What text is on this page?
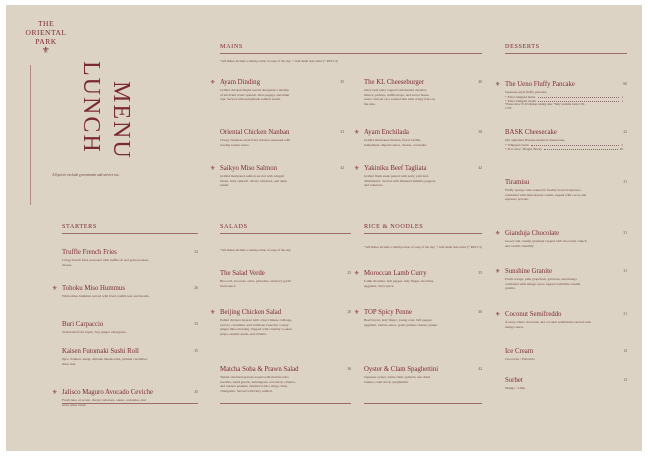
THE
ORIENTAL
PARK
⚜
LUNCH MENU
All prices exclude government and service tax.
MAINS
*All dishes include a small portion of soup of the day. + Add small side salad (+ RM 2.3)
DESSERTS
STARTERS	SALADS
*All dishes include a small portion of soup of the day.
RICE & NOODLES
*All dishes include a small portion of soup of the day. + Add small side salad (+ RM 2.3)
⚜ Ayam Dinding	35
Grilled chicken thighs served alongside a medley of stir-fried water spinach, silat pagaga, and ulam raja. Served with homemade sambal sarten.
The KL Cheeseburger	40
Juicy beef patty topped with melted cheddar, lettuce, pickles, truffle mayo, and secret house sauce. Served on a toasted bun with crispy fries on the side.
Oriental Chicken Nanban	33
Crispy Japanese-style fried chicken seasoned with creamy tartare sauce.
⚜ Ayam Enchilada	38
Grilled marinated chicken, floral tortilla, homemade chipotle sauce, cheese, coriander.
⚜ Saikyo Miso Salmon	42
Grilled marinated salmon served with winged beans, baby spinach, cherry tomatoes, and daun salam.
⚜ Yakiniku Beef Tagliata	42
Grilled flank steak paired with zesty yam leaf, chimichurri. Served with blistered shishito peppers and tomatoes.
⚜ The Ueno Fluffy Pancake	60
Japanese-style fluffy pancake.
+ Extra whipped butter	1
+ Extra whipped cream	1
*Please allow 25-30 minutes waiting time. *Only available from 11:00 - 17:00
BASK Cheesecake	22
Our signature Basque-inspired cheesecake.
+ Whipped cream	2
+ Port wine / Borges Tawny	20
Tiramisu	31
Fluffy sponge cake soaked in freshly brewed espresso combined with mascarpone cream, topped with cocoa and espresso powder.
⚜ Gianduja Chocolate	31
Gooey and creamy gianduja topped with chocolate crunch and vanilla chantilly.
⚜ Sunshine Granite	31
Fresh orange, pink grapefruit, goldrose, and mango combined with mango sauce topped with lime-vanilla granita.
⚜ Coconut Semifreddo	21
A zesty whole chocolate and coconut semifreddo served with mango sauce.
Ice Cream	12
Chocolate / Pistachio
Sorbet	12
Mango / Lime
Truffle French Fries	22
Crispy french fries seasoned with truffle oil and grana padano cheese.
⚜ Tohoku Miso Hummus	26
White miso hummus served with fried cauliflower and breads.
Buri Carpaccio	33
Yellowtail from Japan, Soy ginger vinaigrette.
Kaisen Futomaki Sushi Roll	35
8pcs. Salmon, unagi, shiitake mushrooms, pickled cucumber, shiso leaf.
⚜ Jalisco Maguro Avocado Ceviche	45
Fresh tuna, avocado, cherry tomatoes, onion, coriander, and zesty salsa verde.
The Salad Verde	25
Broccoli, avocado, olive, pistachio, anchovy-garlic basil sauce.
⚜ Beijing Chicken Salad	28
Pulled chicken layered with crisp Chinese cabbage, carrots, cucumber, and scallions tossed in a zesty ginger miso dressing. Topped with crunchy wonton strips, sesame seeds, and cilantro.
Matcha Soba & Prawn Salad	36
Tender stir-fried prawns tossed with matcha soba noodles, salad greens, lemongrass, red onion, cilantro, and toasted peanuts, drizzled with a tangy citrus vinaigrette. Served with fiery sambal.
⚜ Moroccan Lamb Curry	35
Lamb shoulder, bell pepper, lady finger, zucchini, eggplant, curry spice.
⚜ TOP Spicy Penne	30
Beef bacon, lady finger, young corn, bell pepper, eggplant, tomato sauce, grana padano cheese, penne.
Oyster & Clam Spaghettini	42
Japanese oyster, white clam, spinach, sun dried tomato, clam stock, spaghettini.
